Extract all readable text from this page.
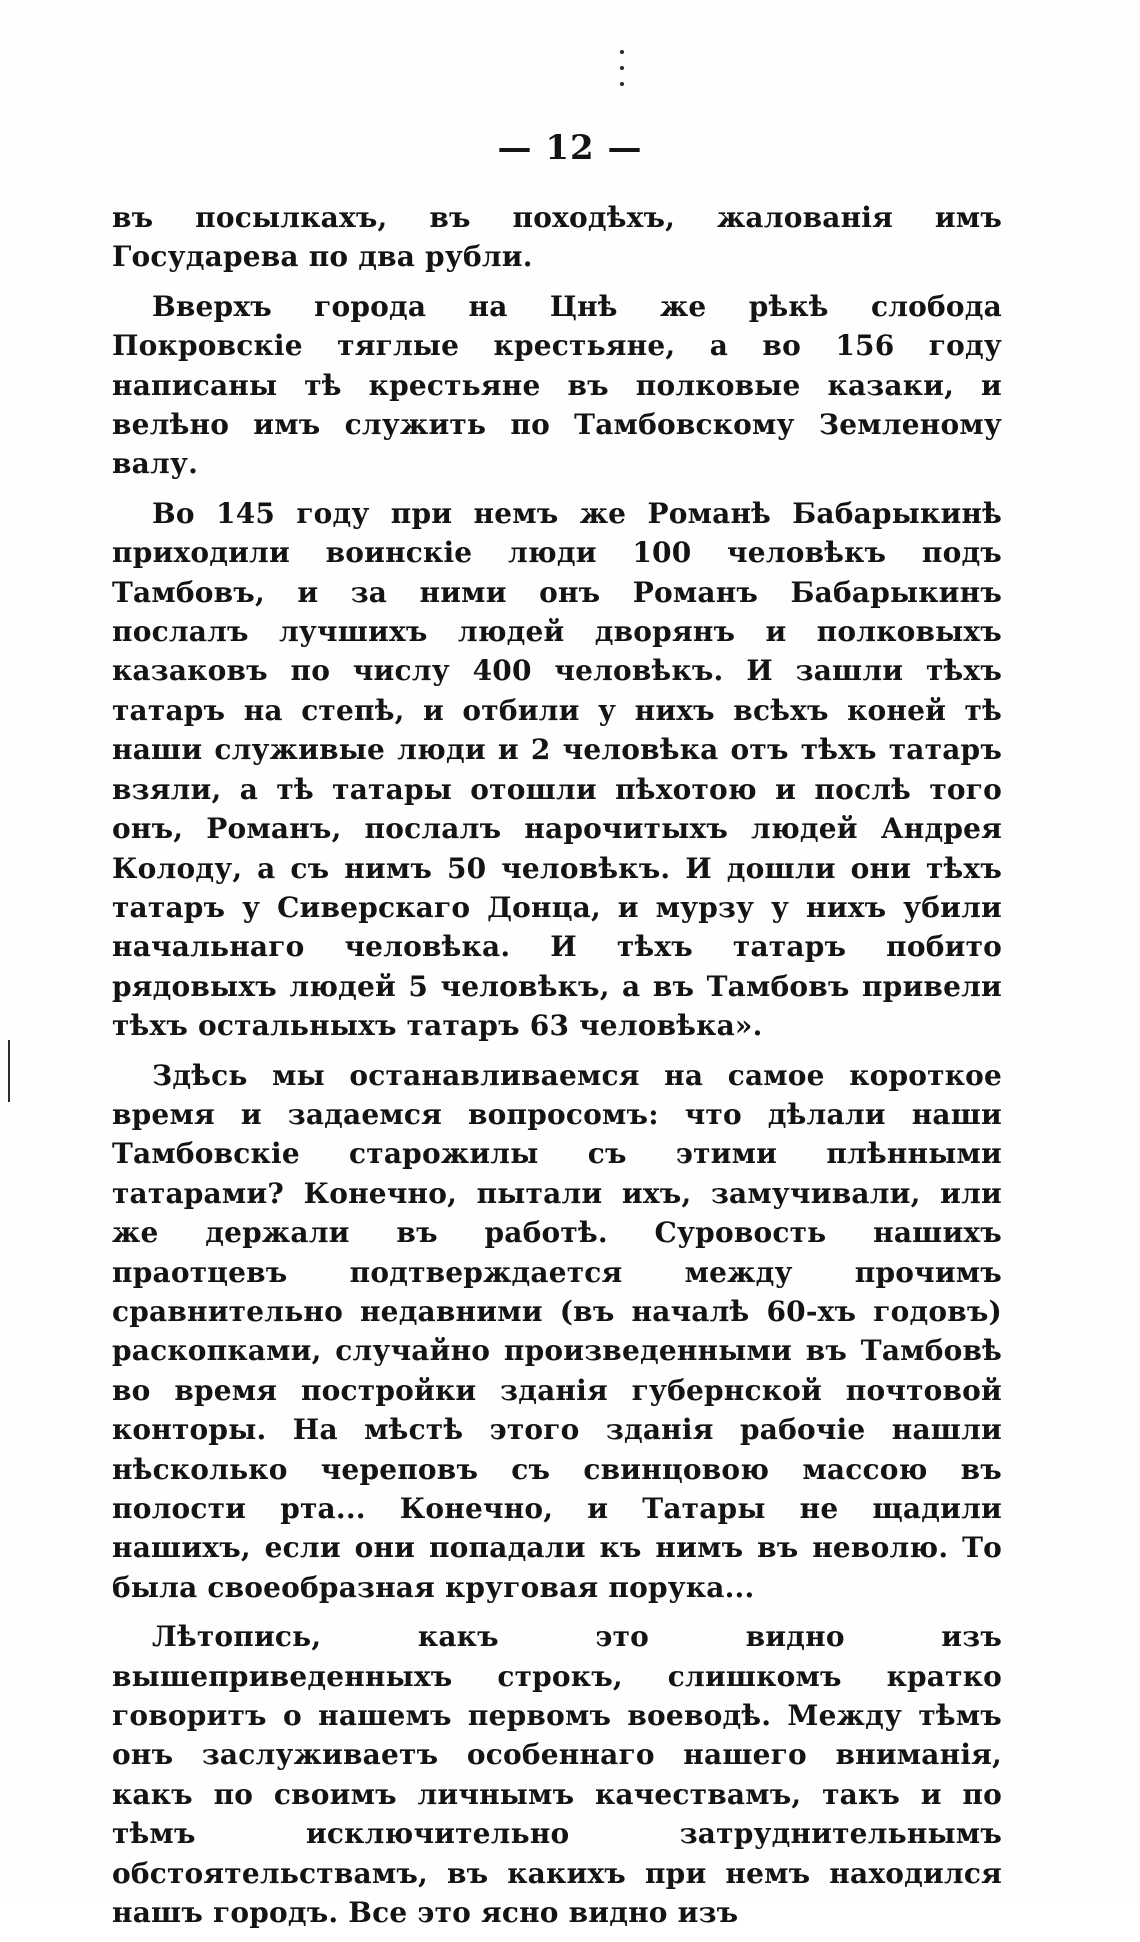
— 12 —

въ посылкахъ, въ походѣхъ, жалованія имъ Государева по два рубли.

Вверхъ города на Цнѣ же рѣкѣ слобода Покровскіе тяглые крестьяне, а во 156 году написаны тѣ крестьяне въ полковые казаки, и велѣно имъ служить по Тамбовскому Земленому валу.

Во 145 году при немъ же Романѣ Бабарыкинѣ приходили воинскіе люди 100 человѣкъ подъ Тамбовъ, и за ними онъ Романъ Бабарыкинъ послалъ лучшихъ людей дворянъ и полковыхъ казаковъ по числу 400 человѣкъ. И зашли тѣхъ татаръ на степѣ, и отбили у нихъ всѣхъ коней тѣ наши служивые люди и 2 человѣка отъ тѣхъ татаръ взяли, а тѣ татары отошли пѣхотою и послѣ того онъ, Романъ, послалъ нарочитыхъ людей Андрея Колоду, а съ нимъ 50 человѣкъ. И дошли они тѣхъ татаръ у Сиверскаго Донца, и мурзу у нихъ убили начальнаго человѣка. И тѣхъ татаръ побито рядовыхъ людей 5 человѣкъ, а въ Тамбовъ привели тѣхъ остальныхъ татаръ 63 человѣка».

Здѣсь мы останавливаемся на самое короткое время и задаемся вопросомъ: что дѣлали наши Тамбовскіе старожилы съ этими плѣнными татарами? Конечно, пытали ихъ, замучивали, или же держали въ работѣ. Суровость нашихъ праотцевъ подтверждается между прочимъ сравнительно недавними (въ началѣ 60-хъ годовъ) раскопками, случайно произведенными въ Тамбовѣ во время постройки зданія губернской почтовой конторы. На мѣстѣ этого зданія рабочіе нашли нѣсколько череповъ съ свинцовою массою въ полости рта... Конечно, и Татары не щадили нашихъ, если они попадали къ нимъ въ неволю. То была своеобразная круговая порука...

Лѣтопись, какъ это видно изъ вышеприведенныхъ строкъ, слишкомъ кратко говоритъ о нашемъ первомъ воеводѣ. Между тѣмъ онъ заслуживаетъ особеннаго нашего вниманія, какъ по своимъ личнымъ качествамъ, такъ и по тѣмъ исключительно затруднительнымъ обстоятельствамъ, въ какихъ при немъ находился нашъ городъ. Все это ясно видно изъ
